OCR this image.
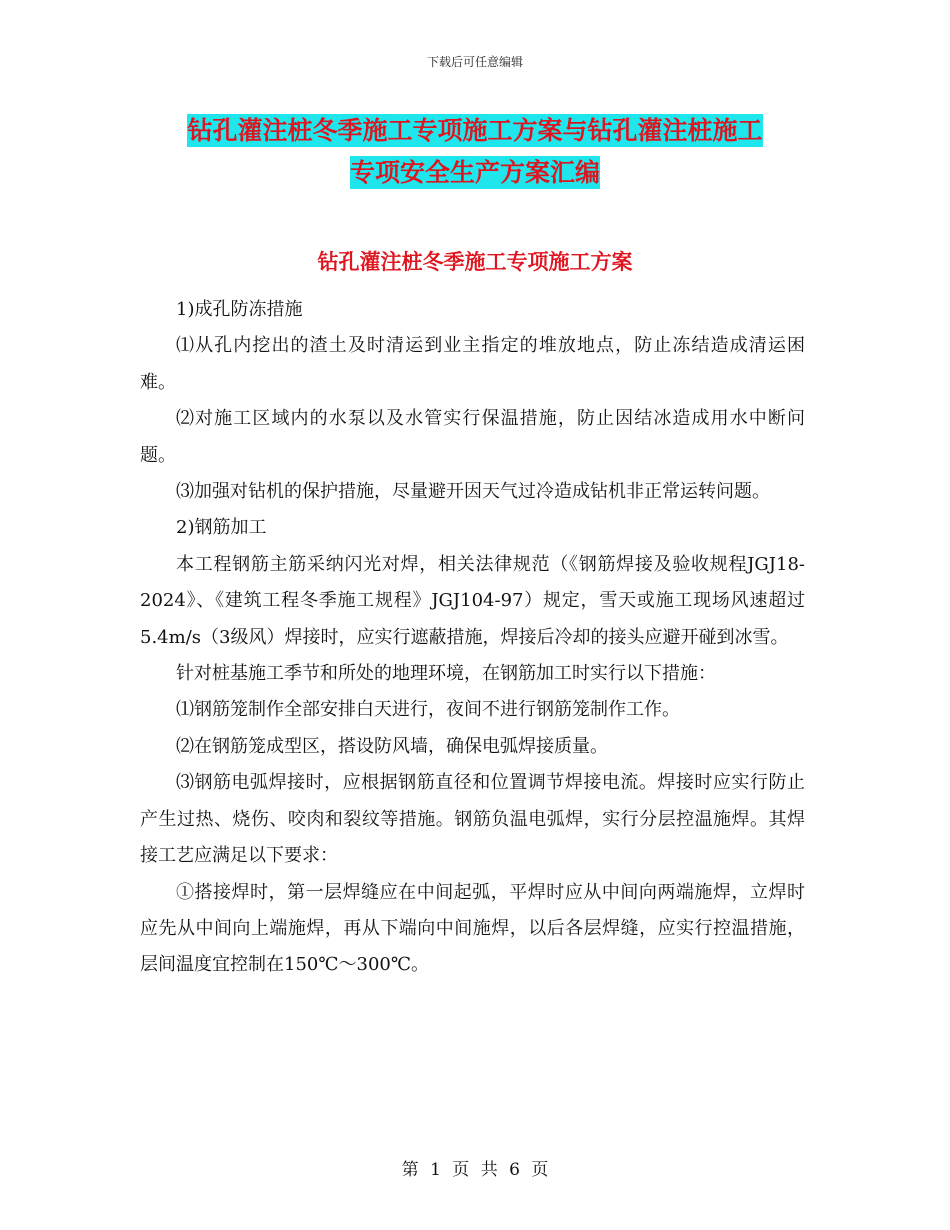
下载后可任意编辑
钻孔灌注桩冬季施工专项施工方案与钻孔灌注桩施工
专项安全生产方案汇编
钻孔灌注桩冬季施工专项施工方案

1)成孔防冻措施

⑴从孔内挖出的渣土及时清运到业主指定的堆放地点，防止冻结造成清运困难。

⑵对施工区域内的水泵以及水管实行保温措施，防止因结冰造成用水中断问题。

⑶加强对钻机的保护措施，尽量避开因天气过冷造成钻机非正常运转问题。

2)钢筋加工

本工程钢筋主筋采纳闪光对焊，相关法律规范（《钢筋焊接及验收规程JGJ18-2024》、《建筑工程冬季施工规程》JGJ104-97）规定，雪天或施工现场风速超过5.4m/s（3级风）焊接时，应实行遮蔽措施，焊接后冷却的接头应避开碰到冰雪。

针对桩基施工季节和所处的地理环境，在钢筋加工时实行以下措施：

⑴钢筋笼制作全部安排白天进行，夜间不进行钢筋笼制作工作。

⑵在钢筋笼成型区，搭设防风墙，确保电弧焊接质量。

⑶钢筋电弧焊接时，应根据钢筋直径和位置调节焊接电流。焊接时应实行防止产生过热、烧伤、咬肉和裂纹等措施。钢筋负温电弧焊，实行分层控温施焊。其焊接工艺应满足以下要求：

①搭接焊时，第一层焊缝应在中间起弧，平焊时应从中间向两端施焊，立焊时应先从中间向上端施焊，再从下端向中间施焊，以后各层焊缝，应实行控温措施，层间温度宜控制在150℃～300℃。

第 1 页 共 6 页
